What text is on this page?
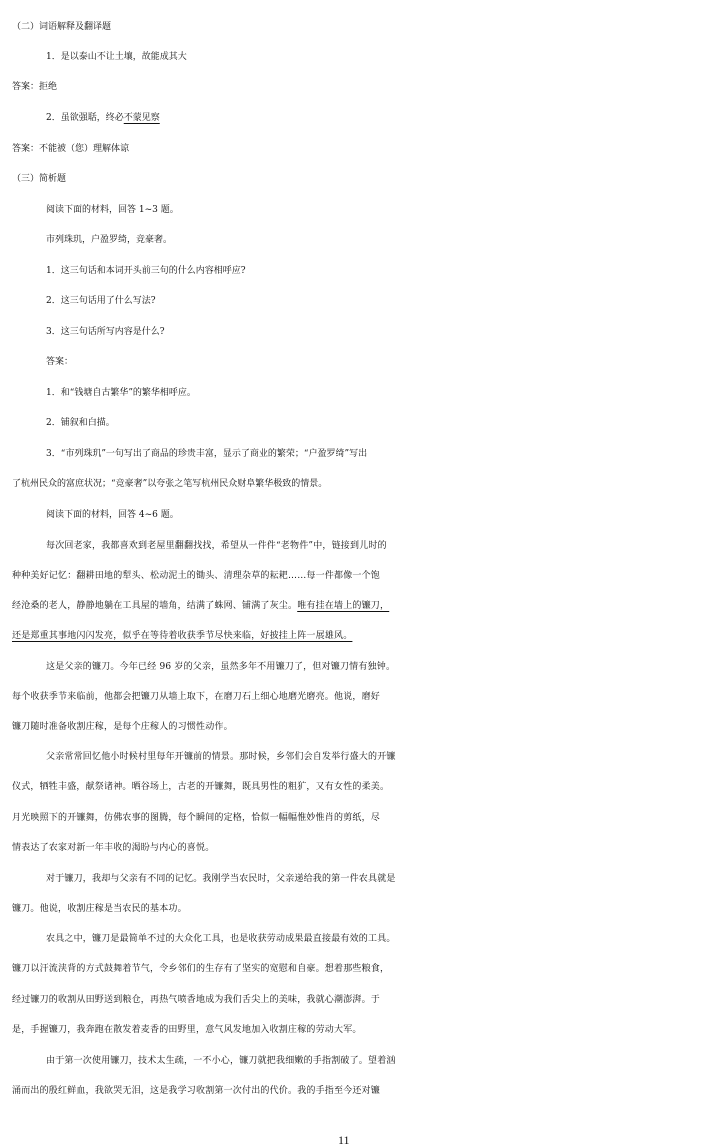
（二）词语解释及翻译题
1．是以泰山不让土壤，故能成其大
答案：拒绝
2．虽欲强聒，终必不蒙见察
答案：不能被（您）理解体谅
（三）简析题
阅读下面的材料，回答 1~3 题。
市列珠玑，户盈罗绮，竞豪奢。
1．这三句话和本词开头前三句的什么内容相呼应?
2．这三句话用了什么写法?
3．这三句话所写内容是什么?
答案：
1．和“钱塘自古繁华”的繁华相呼应。
2．铺叙和白描。
3．“市列珠玑”一句写出了商品的珍贵丰富，显示了商业的繁荣；“户盈罗绮”写出
了杭州民众的富庶状况；“竞豪奢”以夸张之笔写杭州民众财阜繁华极致的情景。
阅读下面的材料，回答 4~6 题。
每次回老家，我都喜欢到老屋里翻翻找找，希望从一件件“老物件”中，链接到儿时的
种种美好记忆：翻耕田地的犁头、松动泥土的锄头、清理杂草的耘耙……每一件都像一个饱
经沧桑的老人，静静地躺在工具屋的墙角，结满了蛛网、铺满了灰尘。唯有挂在墙上的镰刀，
还是郑重其事地闪闪发亮，似乎在等待着收获季节尽快来临，好披挂上阵一展雄风。
这是父亲的镰刀。今年已经 96 岁的父亲，虽然多年不用镰刀了，但对镰刀情有独钟。
每个收获季节来临前，他都会把镰刀从墙上取下，在磨刀石上细心地磨光磨亮。他说，磨好
镰刀随时准备收割庄稼，是每个庄稼人的习惯性动作。
父亲常常回忆他小时候村里每年开镰前的情景。那时候，乡邻们会自发举行盛大的开镰
仪式，牺牲丰盛，献祭诸神。晒谷场上，古老的开镰舞，既具男性的粗犷，又有女性的柔美。
月光映照下的开镰舞，仿佛农事的图腾，每个瞬间的定格，恰似一幅幅惟妙惟肖的剪纸，尽
情表达了农家对新一年丰收的渴盼与内心的喜悦。
对于镰刀，我却与父亲有不同的记忆。我刚学当农民时，父亲递给我的第一件农具就是
镰刀。他说，收割庄稼是当农民的基本功。
农具之中，镰刀是最简单不过的大众化工具，也是收获劳动成果最直接最有效的工具。
镰刀以汗流浃背的方式鼓舞着节气，令乡邻们的生存有了坚实的宽慰和自豪。想着那些粮食，
经过镰刀的收割从田野送到粮仓，再热气喷香地成为我们舌尖上的美味，我就心潮澎湃。于
是，手握镰刀，我奔跑在散发着麦香的田野里，意气风发地加入收割庄稼的劳动大军。
由于第一次使用镰刀，技术太生疏，一不小心，镰刀就把我细嫩的手指割破了。望着汹
涌而出的殷红鲜血，我欲哭无泪，这是我学习收割第一次付出的代价。我的手指至今还对镰
11
